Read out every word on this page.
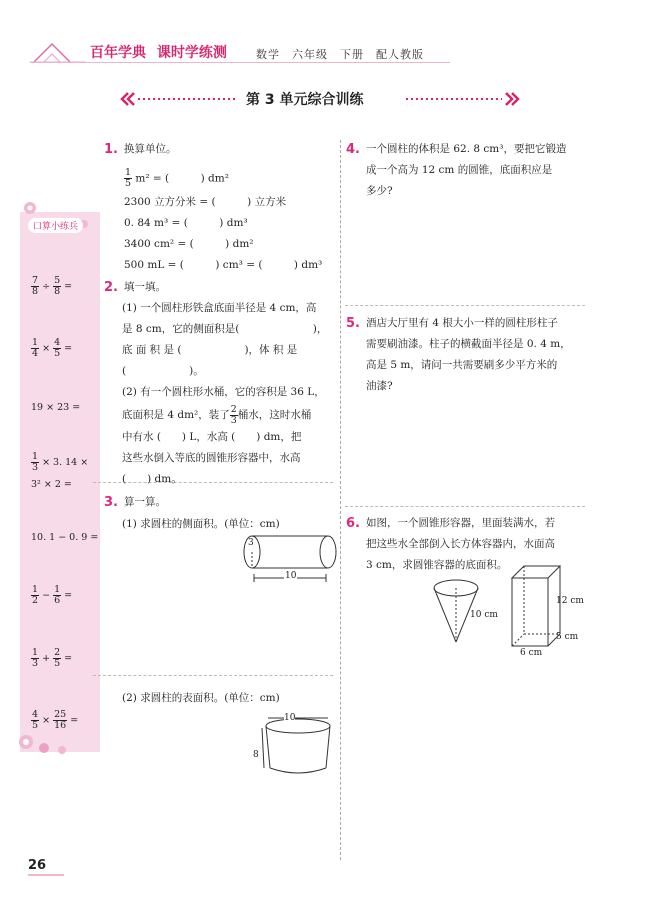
百年学典 课时学练测	数学　六年级　下册　配人教版
第 3 单元综合训练
口算小练兵
$\frac{7}{8} \div \frac{5}{8}$ =
$\frac{1}{4} \times \frac{4}{5}$ =
19 × 23 =
$\frac{1}{3} \times 3$. 14 ×
3² × 2 =
10. 1 − 0. 9 =
$\frac{1}{2} - \frac{1}{6}$ =
$\frac{1}{3} + \frac{2}{5}$ =
$\frac{4}{5} \times \frac{25}{16}$ =
1. 换算单位。
$\frac{1}{5} m^2$ = (　　　) dm²
2300 立方分米 = (　　　) 立方米
0. 84 m³ = (　　　) dm³
3400 cm² = (　　　) dm²
500 mL = (　　　) cm³ = (　　　) dm³
2. 填一填。
(1) 一个圆柱形铁盒底面半径是 4 cm，高
是 8 cm，它的侧面积是(　　　　　　　)，
底 面 积 是 (　　　　　　)，体 积 是
(　　　　　　)。
(2) 有一个圆柱形水桶，它的容积是 36 L，
底面积是 4 dm²，装了 $\frac{2}{3}$ 桶水，这时水桶
中有水 (　　) L，水高 (　　) dm，把
这些水倒入等底的圆锥形容器中，水高
(　　) dm。
3. 算一算。
(1) 求圆柱的侧面积。(单位：cm)
3
10
(2) 求圆柱的表面积。(单位：cm)
10
8
4. 一个圆柱的体积是 62. 8 cm³，要把它锻造
成一个高为 12 cm 的圆锥，底面积应是
多少?
5. 酒店大厅里有 4 根大小一样的圆柱形柱子
需要刷油漆。柱子的横截面半径是 0. 4 m，
高是 5 m，请问一共需要刷多少平方米的
油漆?
6. 如图，一个圆锥形容器，里面装满水，若
把这些水全部倒入长方体容器内，水面高
3 cm，求圆锥容器的底面积。
10 cm
12 cm
5 cm
6 cm
26
